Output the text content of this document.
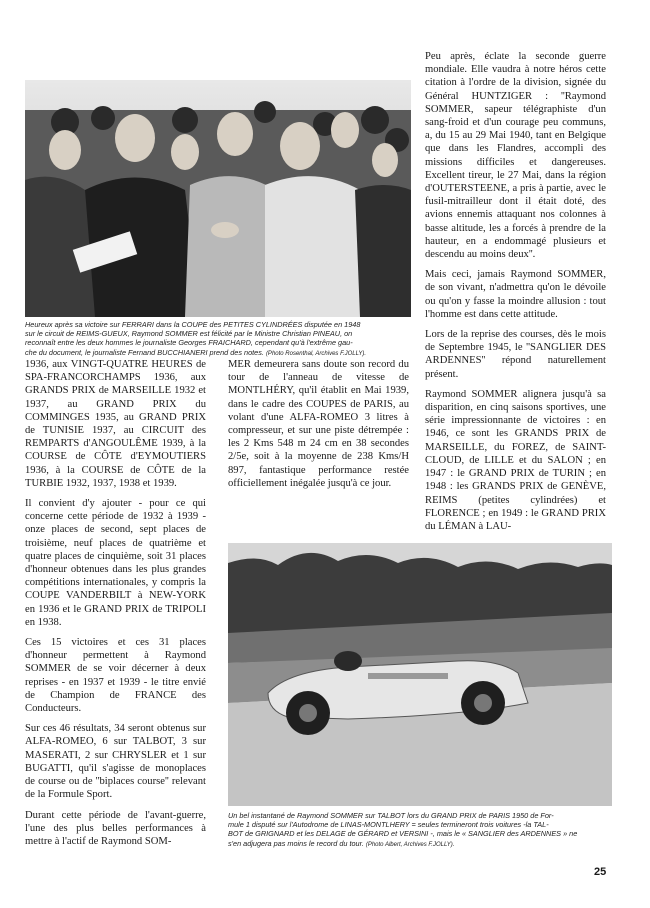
Heureux après sa victoire sur FERRARI dans la COUPE des PETITES CYLINDRÉES disputée en 1948
sur le circuit de REIMS-GUEUX, Raymond SOMMER est félicité par le Ministre Christian PINEAU, on
reconnaît entre les deux hommes le journaliste Georges FRAICHARD, cependant qu'à l'extrême gau-
che du document, le journaliste Fernand BUCCHIANERI prend des notes. (Photo Rosenthal, Archives F.JOLLY).

Peu après, éclate la seconde guerre mondiale. Elle vaudra à notre héros cette citation à l'ordre de la division, signée du Général HUNTZIGER : ''Raymond SOMMER, sapeur télégraphiste d'un sang-froid et d'un courage peu communs, a, du 15 au 29 Mai 1940, tant en Belgique que dans les Flandres, accompli des missions difficiles et dangereuses. Excellent tireur, le 27 Mai, dans la région d'OUTERSTEENE, a pris à partie, avec le fusil-mitrailleur dont il était doté, des avions ennemis attaquant nos colonnes à basse altitude, les a forcés à prendre de la hauteur, en a endommagé plusieurs et descendu au moins deux''.

Mais ceci, jamais Raymond SOMMER, de son vivant, n'admettra qu'on le dévoile ou qu'on y fasse la moindre allusion : tout l'homme est dans cette attitude.

Lors de la reprise des courses, dès le mois de Septembre 1945, le ''SANGLIER DES ARDENNES'' répond naturellement présent.

Raymond SOMMER alignera jusqu'à sa disparition, en cinq saisons sportives, une série impressionnante de victoires : en 1946, ce sont les GRANDS PRIX de MARSEILLE, du FOREZ, de SAINT-CLOUD, de LILLE et du SALON ; en 1947 : le GRAND PRIX de TURIN ; en 1948 : les GRANDS PRIX de GENÈVE, REIMS (petites cylindrées) et FLORENCE ; en 1949 : le GRAND PRIX du LÉMAN à LAU-

1936, aux VINGT-QUATRE HEURES de SPA-FRANCORCHAMPS 1936, aux GRANDS PRIX de MARSEILLE 1932 et 1937, au GRAND PRIX du COMMINGES 1935, au GRAND PRIX de TUNISIE 1937, au CIRCUIT des REMPARTS d'ANGOULÊME 1939, à la COURSE de CÔTE d'EYMOUTIERS 1936, à la COURSE de CÔTE de la TURBIE 1932, 1937, 1938 et 1939.

Il convient d'y ajouter - pour ce qui concerne cette période de 1932 à 1939 - onze places de second, sept places de troisième, neuf places de quatrième et quatre places de cinquième, soit 31 places d'honneur obtenues dans les plus grandes compétitions internationales, y compris la COUPE VANDERBILT à NEW-YORK en 1936 et le GRAND PRIX de TRIPOLI en 1938.

Ces 15 victoires et ces 31 places d'honneur permettent à Raymond SOMMER de se voir décerner à deux reprises - en 1937 et 1939 - le titre envié de Champion de FRANCE des Conducteurs.

Sur ces 46 résultats, 34 seront obtenus sur ALFA-ROMEO, 6 sur TALBOT, 3 sur MASERATI, 2 sur CHRYSLER et 1 sur BUGATTI, qu'il s'agisse de monoplaces de course ou de ''biplaces course'' relevant de la Formule Sport.

Durant cette période de l'avant-guerre, l'une des plus belles performances à mettre à l'actif de Raymond SOM-

MER demeurera sans doute son record du tour de l'anneau de vitesse de MONTLHÉRY, qu'il établit en Mai 1939, dans le cadre des COUPES de PARIS, au volant d'une ALFA-ROMEO 3 litres à compresseur, et sur une piste détrempée : les 2 Kms 548 m 24 cm en 38 secondes 2/5e, soit à la moyenne de 238 Kms/H 897, fantastique performance restée officiellement inégalée jusqu'à ce jour.

Un bel instantané de Raymond SOMMER sur TALBOT lors du GRAND PRIX de PARIS 1950 de For-
mule 1 disputé sur l'Autodrome de LINAS-MONTLHERY = seules termineront trois voitures -la TAL-
BOT de GRIGNARD et les DELAGE de GÉRARD et VERSINI -, mais le « SANGLIER des ARDENNES » ne
s'en adjugera pas moins le record du tour. (Photo Albert, Archives F.JOLLY).
25
